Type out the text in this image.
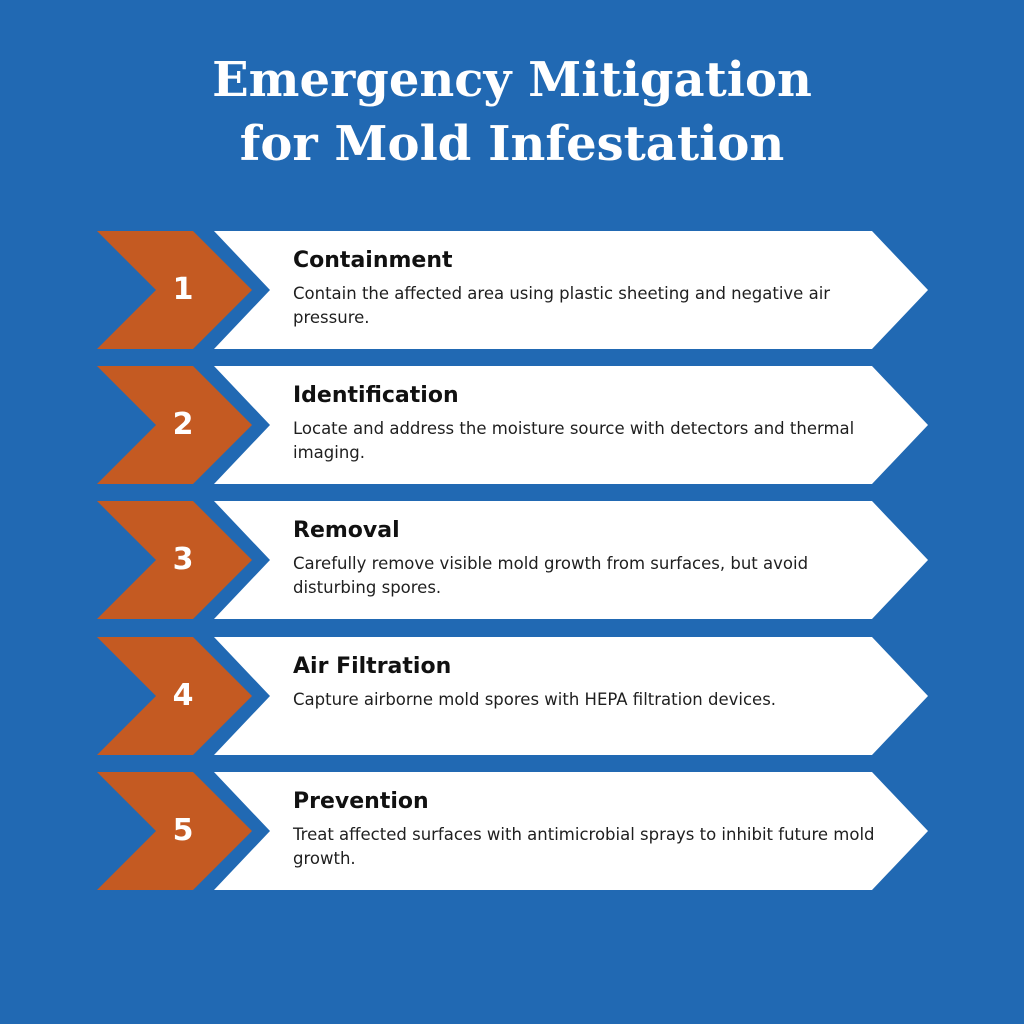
Emergency Mitigation
for Mold Infestation
1
Containment

Contain the affected area using plastic sheeting and negative air pressure.

2
Identification

Locate and address the moisture source with detectors and thermal imaging.

3
Removal

Carefully remove visible mold growth from surfaces, but avoid disturbing spores.

4
Air Filtration

Capture airborne mold spores with HEPA filtration devices.

5
Prevention

Treat affected surfaces with antimicrobial sprays to inhibit future mold growth.
